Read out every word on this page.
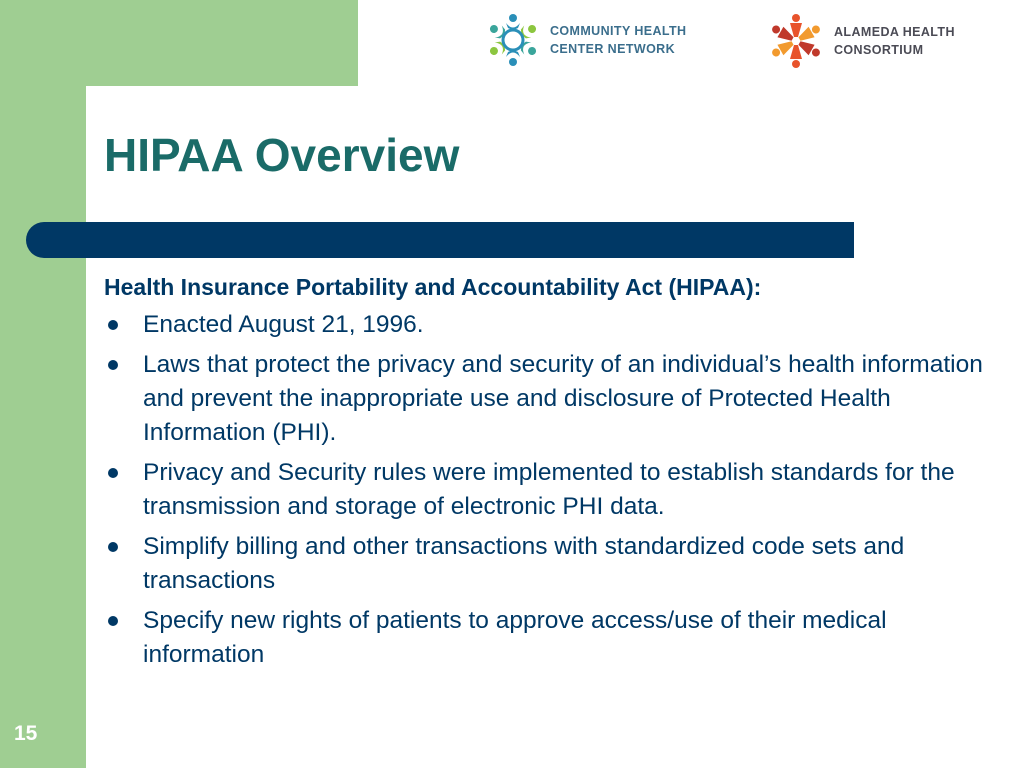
15
COMMUNITY HEALTH
CENTER NETWORK
ALAMEDA HEALTH
CONSORTIUM
HIPAA Overview

Health Insurance Portability and Accountability Act (HIPAA):

Enacted August 21, 1996.
Laws that protect the privacy and security of an individual’s health information and prevent the inappropriate use and disclosure of Protected Health Information (PHI).
Privacy and Security rules were implemented to establish standards for the transmission and storage of electronic PHI data.
Simplify billing and other transactions with standardized code sets and transactions
Specify new rights of patients to approve access/use of their medical information
